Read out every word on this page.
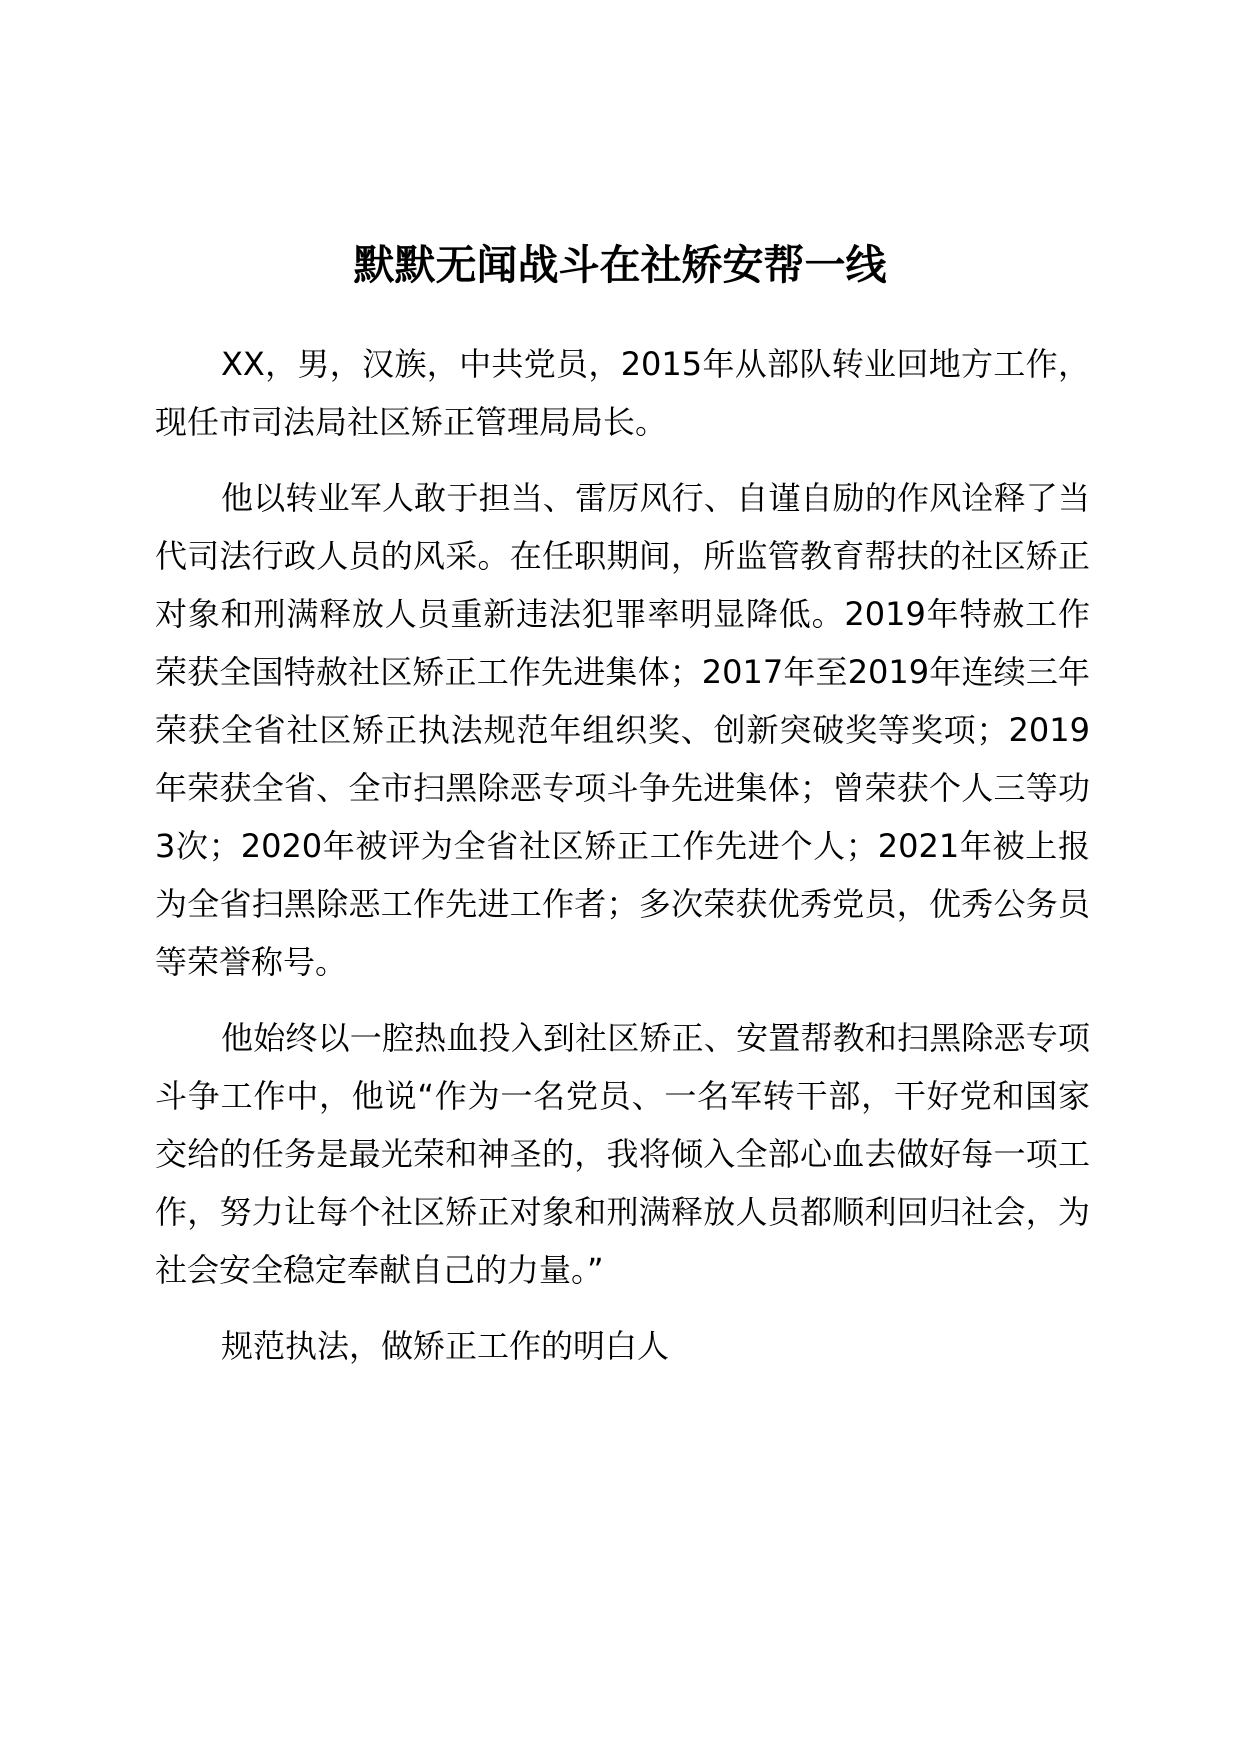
默默无闻战斗在社矫安帮一线

XX，男，汉族，中共党员，2015年从部队转业回地方工作，现任市司法局社区矫正管理局局长。

他以转业军人敢于担当、雷厉风行、自谨自励的作风诠释了当代司法行政人员的风采。在任职期间，所监管教育帮扶的社区矫正对象和刑满释放人员重新违法犯罪率明显降低。2019年特赦工作荣获全国特赦社区矫正工作先进集体；2017年至2019年连续三年荣获全省社区矫正执法规范年组织奖、创新突破奖等奖项；2019年荣获全省、全市扫黑除恶专项斗争先进集体；曾荣获个人三等功3次；2020年被评为全省社区矫正工作先进个人；2021年被上报为全省扫黑除恶工作先进工作者；多次荣获优秀党员，优秀公务员等荣誉称号。

他始终以一腔热血投入到社区矫正、安置帮教和扫黑除恶专项斗争工作中，他说“作为一名党员、一名军转干部，干好党和国家交给的任务是最光荣和神圣的，我将倾入全部心血去做好每一项工作，努力让每个社区矫正对象和刑满释放人员都顺利回归社会，为社会安全稳定奉献自己的力量。”

规范执法，做矫正工作的明白人
